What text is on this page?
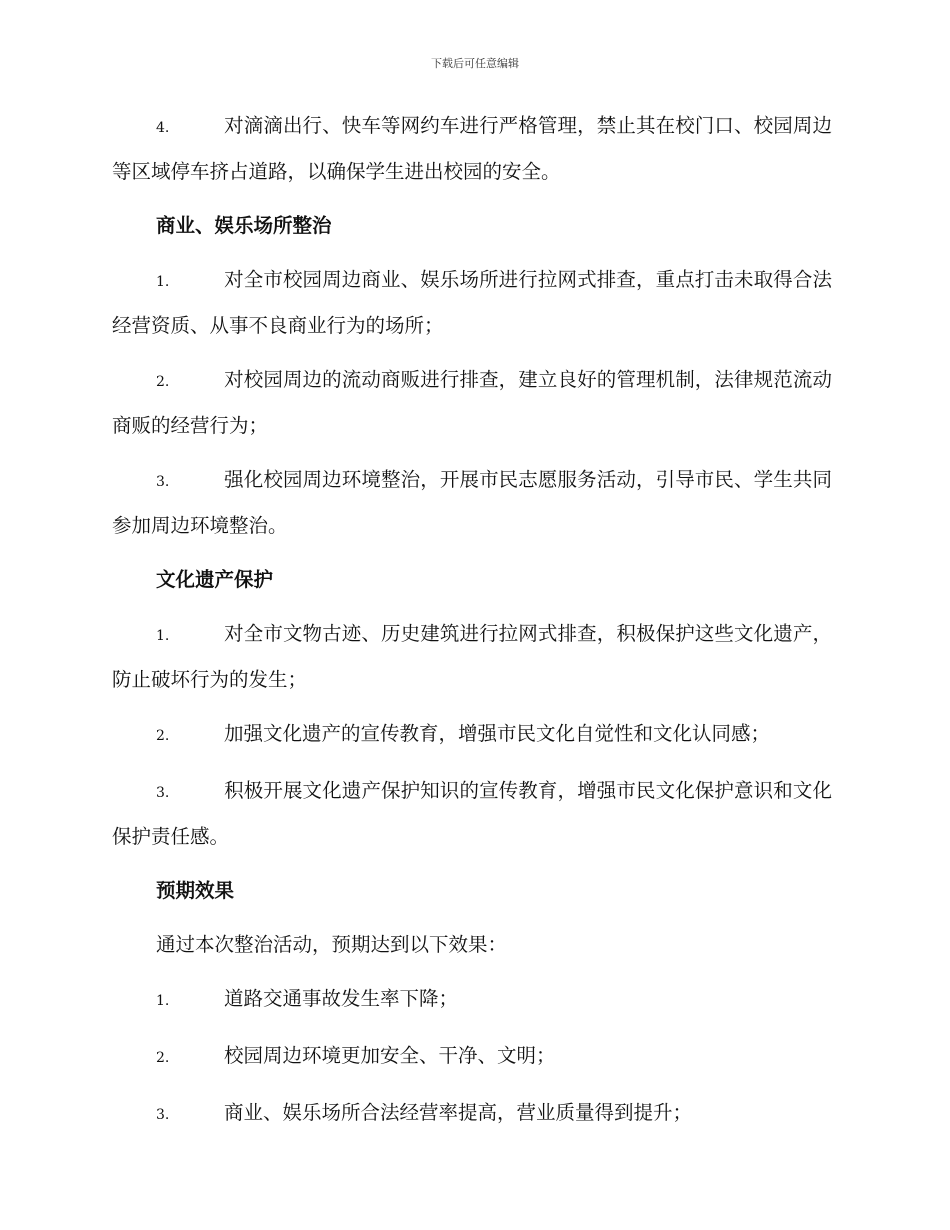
下载后可任意编辑

4.	对滴滴出行、快车等网约车进行严格管理，禁止其在校门口、校园周边等区域停车挤占道路，以确保学生进出校园的安全。

商业、娱乐场所整治

1.	对全市校园周边商业、娱乐场所进行拉网式排查，重点打击未取得合法经营资质、从事不良商业行为的场所；

2.	对校园周边的流动商贩进行排查，建立良好的管理机制，法律规范流动商贩的经营行为；

3.	强化校园周边环境整治，开展市民志愿服务活动，引导市民、学生共同参加周边环境整治。

文化遗产保护

1.	对全市文物古迹、历史建筑进行拉网式排查，积极保护这些文化遗产，防止破坏行为的发生；

2.	加强文化遗产的宣传教育，增强市民文化自觉性和文化认同感；

3.	积极开展文化遗产保护知识的宣传教育，增强市民文化保护意识和文化保护责任感。

预期效果

通过本次整治活动，预期达到以下效果：

1.	道路交通事故发生率下降；

2.	校园周边环境更加安全、干净、文明；

3.	商业、娱乐场所合法经营率提高，营业质量得到提升；
